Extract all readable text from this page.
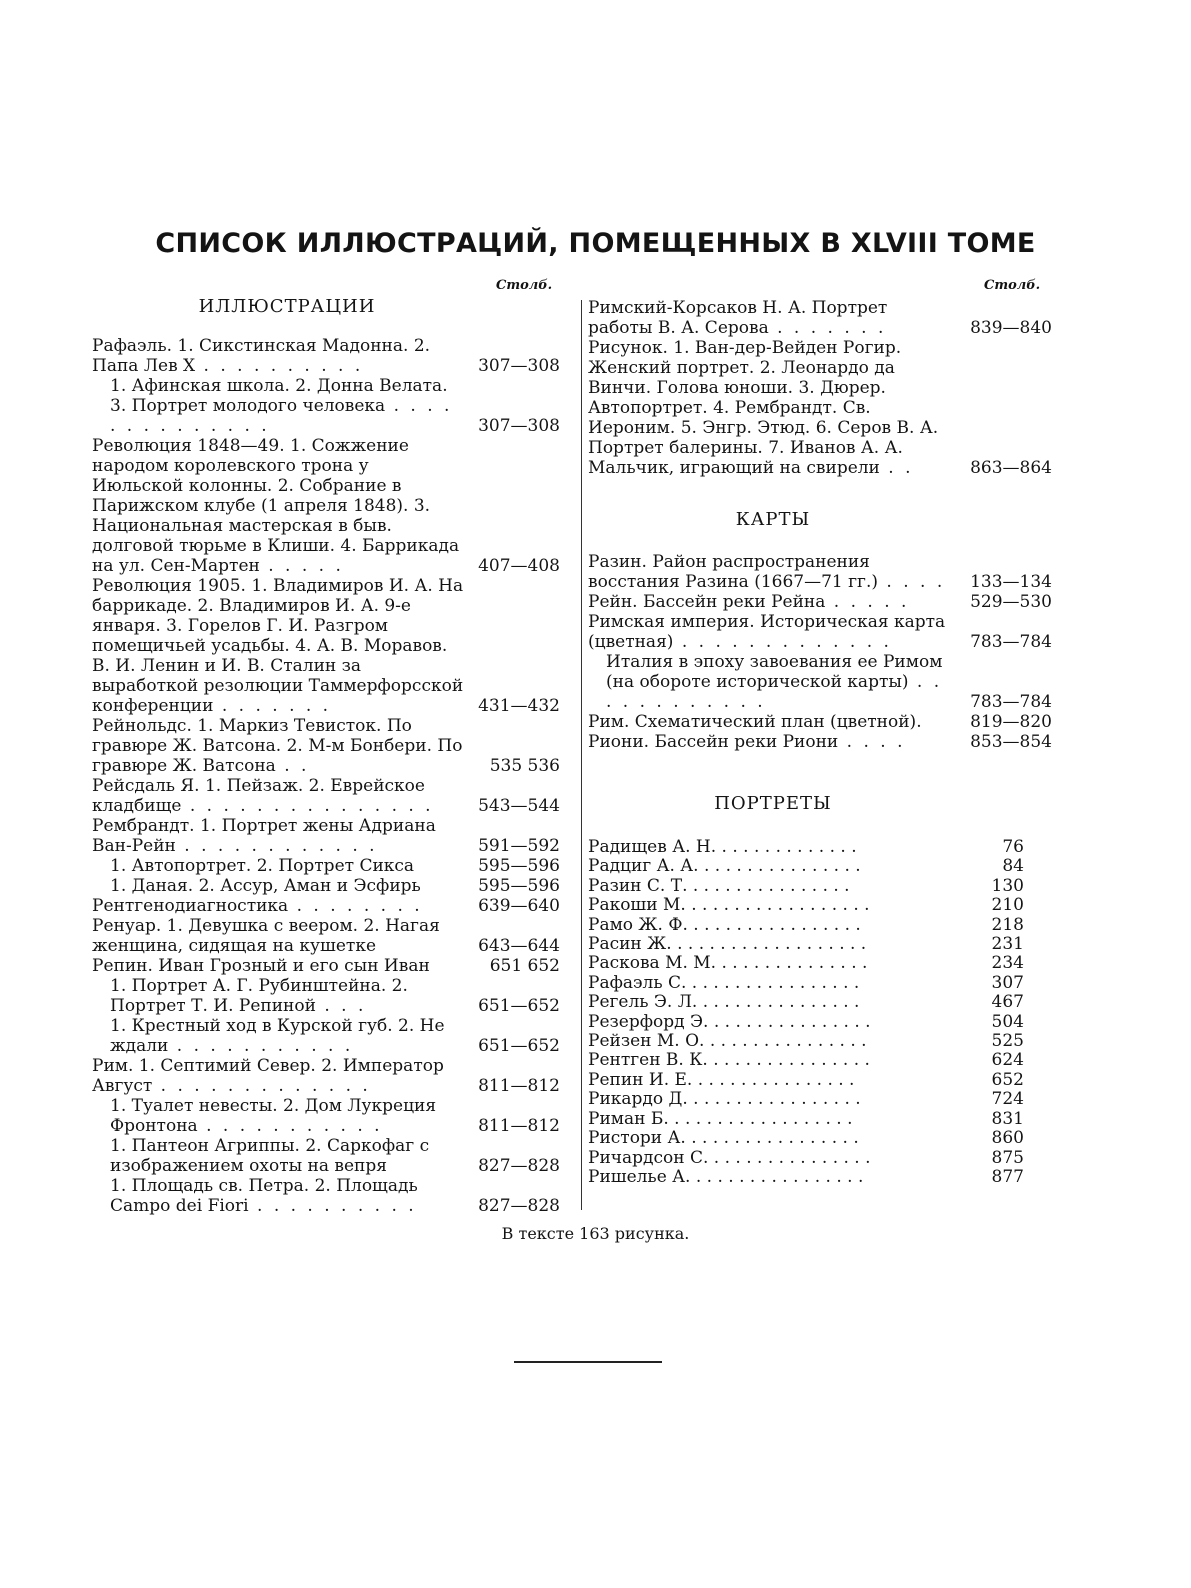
СПИСОК ИЛЛЮСТРАЦИЙ, ПОМЕЩЕННЫХ В XLVIII ТОМЕ
Столб.	Столб.
ИЛЛЮСТРАЦИИ
Рафаэль. 1. Сикстинская Мадонна. 2. Папа Лев Х . . . . . . . . . .	307—308
1. Афинская школа. 2. Донна Велата. 3. Портрет молодого человека . . . . . . . . . . . . . .	307—308
Революция 1848—49. 1. Сожжение народом королевского трона у Июльской колонны. 2. Собрание в Парижском клубе (1 апреля 1848). 3. Национальная мастерская в быв. долговой тюрьме в Клиши. 4. Баррикада на ул. Сен-Мартен . . . . .	407—408
Революция 1905. 1. Владимиров И. А. На баррикаде. 2. Владимиров И. А. 9-е января. 3. Горелов Г. И. Разгром помещичьей усадьбы. 4. А. В. Моравов. В. И. Ленин и И. В. Сталин за выработкой резолюции Таммерфорсской конференции . . . . . . .	431—432
Рейнольдс. 1. Маркиз Тевисток. По гравюре Ж. Ватсона. 2. М-м Бонбери. По гравюре Ж. Ватсона . .	535 536
Рейсдаль Я. 1. Пейзаж. 2. Еврейское кладбище . . . . . . . . . . . . . . .	543—544
Рембрандт. 1. Портрет жены Адриана Ван-Рейн . . . . . . . . . . . .	591—592
1. Автопортрет. 2. Портрет Сикса	595—596
1. Даная. 2. Ассур, Аман и Эсфирь	595—596
Рентгенодиагностика . . . . . . . .	639—640
Ренуар. 1. Девушка с веером. 2. Нагая женщина, сидящая на кушетке	643—644
Репин. Иван Грозный и его сын Иван	651 652
1. Портрет А. Г. Рубинштейна. 2. Портрет Т. И. Репиной . . .	651—652
1. Крестный ход в Курской губ. 2. Не ждали . . . . . . . . . . .	651—652
Рим. 1. Септимий Север. 2. Император Август . . . . . . . . . . . . .	811—812
1. Туалет невесты. 2. Дом Лукреция Фронтона . . . . . . . . . . .	811—812
1. Пантеон Агриппы. 2. Саркофаг с изображением охоты на вепря	827—828
1. Площадь св. Петра. 2. Площадь Campo dei Fiori . . . . . . . . . .	827—828
Римский-Корсаков Н. А. Портрет работы В. А. Серова . . . . . . .	839—840
Рисунок. 1. Ван-дер-Вейден Рогир. Женский портрет. 2. Леонардо да Винчи. Голова юноши. 3. Дюрер. Автопортрет. 4. Рембрандт. Св. Иероним. 5. Энгр. Этюд. 6. Серов В. А. Портрет балерины. 7. Иванов А. А. Мальчик, играющий на свирели . .	863—864
КАРТЫ
Разин. Район распространения восстания Разина (1667—71 гг.) . . . .	133—134
Рейн. Бассейн реки Рейна . . . . .	529—530
Римская империя. Историческая карта (цветная) . . . . . . . . . . . . .	783—784
Италия в эпоху завоевания ее Римом (на обороте исторической карты) . . . . . . . . . . . .	783—784
Рим. Схематический план (цветной).	819—820
Риони. Бассейн реки Риони . . . .	853—854
ПОРТРЕТЫ
Радищев А. Н. . . . . . . . . . . . . .	76
Радциг А. А. . . . . . . . . . . . . . . .	84
Разин С. Т. . . . . . . . . . . . . . . .	130
Ракоши М. . . . . . . . . . . . . . . . . .	210
Рамо Ж. Ф. . . . . . . . . . . . . . . . .	218
Расин Ж. . . . . . . . . . . . . . . . . . .	231
Раскова М. М. . . . . . . . . . . . . . .	234
Рафаэль С. . . . . . . . . . . . . . . . .	307
Регель Э. Л. . . . . . . . . . . . . . . .	467
Резерфорд Э. . . . . . . . . . . . . . . .	504
Рейзен М. О. . . . . . . . . . . . . . . .	525
Рентген В. К. . . . . . . . . . . . . . . .	624
Репин И. Е. . . . . . . . . . . . . . . .	652
Рикардо Д. . . . . . . . . . . . . . . . .	724
Риман Б. . . . . . . . . . . . . . . . . .	831
Ристори А. . . . . . . . . . . . . . . . .	860
Ричардсон С. . . . . . . . . . . . . . . .	875
Ришелье А. . . . . . . . . . . . . . . . .	877
В тексте 163 рисунка.
